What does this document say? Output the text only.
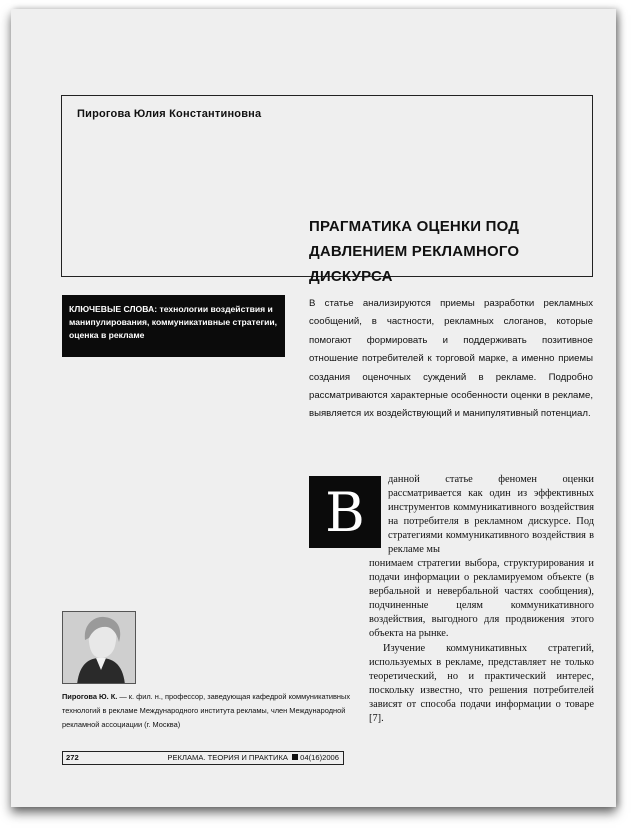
Пирогова Юлия Константиновна
ПРАГМАТИКА ОЦЕНКИ ПОД
ДАВЛЕНИЕМ РЕКЛАМНОГО ДИСКУРСА
КЛЮЧЕВЫЕ СЛОВА: технологии воздействия и манипулирования, коммуникативные стратегии, оценка в рекламе
В статье анализируются приемы разработки рекламных сообщений, в частности, рекламных слоганов, которые помогают формировать и поддерживать позитивное отношение потребителей к торговой марке, а именно приемы создания оценочных суждений в рекламе. Подробно рассматриваются характерные особенности оценки в рекламе, выявляется их воздействующий и манипулятивный потенциал.
В
данной статье феномен оценки рассматривается как один из эффективных инструментов коммуникативного воздействия на потребителя в рекламном дискурсе. Под стратегиями коммуникативного воздействия в рекламе мы

понимаем стратегии выбора, структурирования и подачи информации о рекламируемом объекте (в вербальной и невербальной частях сообщения), подчиненные целям коммуникативного воздействия, выгодного для продвижения этого объекта на рынке.

Изучение коммуникативных стратегий, используемых в рекламе, представляет не только теоретический, но и практический интерес, поскольку известно, что решения потребителей зависят от способа подачи информации о товаре [7].

Пирогова Ю. К. — к. фил. н., профессор, заведующая кафедрой коммуникативных технологий в рекламе Международного института рекламы, член Международной рекламной ассоциации (г. Москва)
272	РЕКЛАМА. ТЕОРИЯ И ПРАКТИКА 04(16)2006
